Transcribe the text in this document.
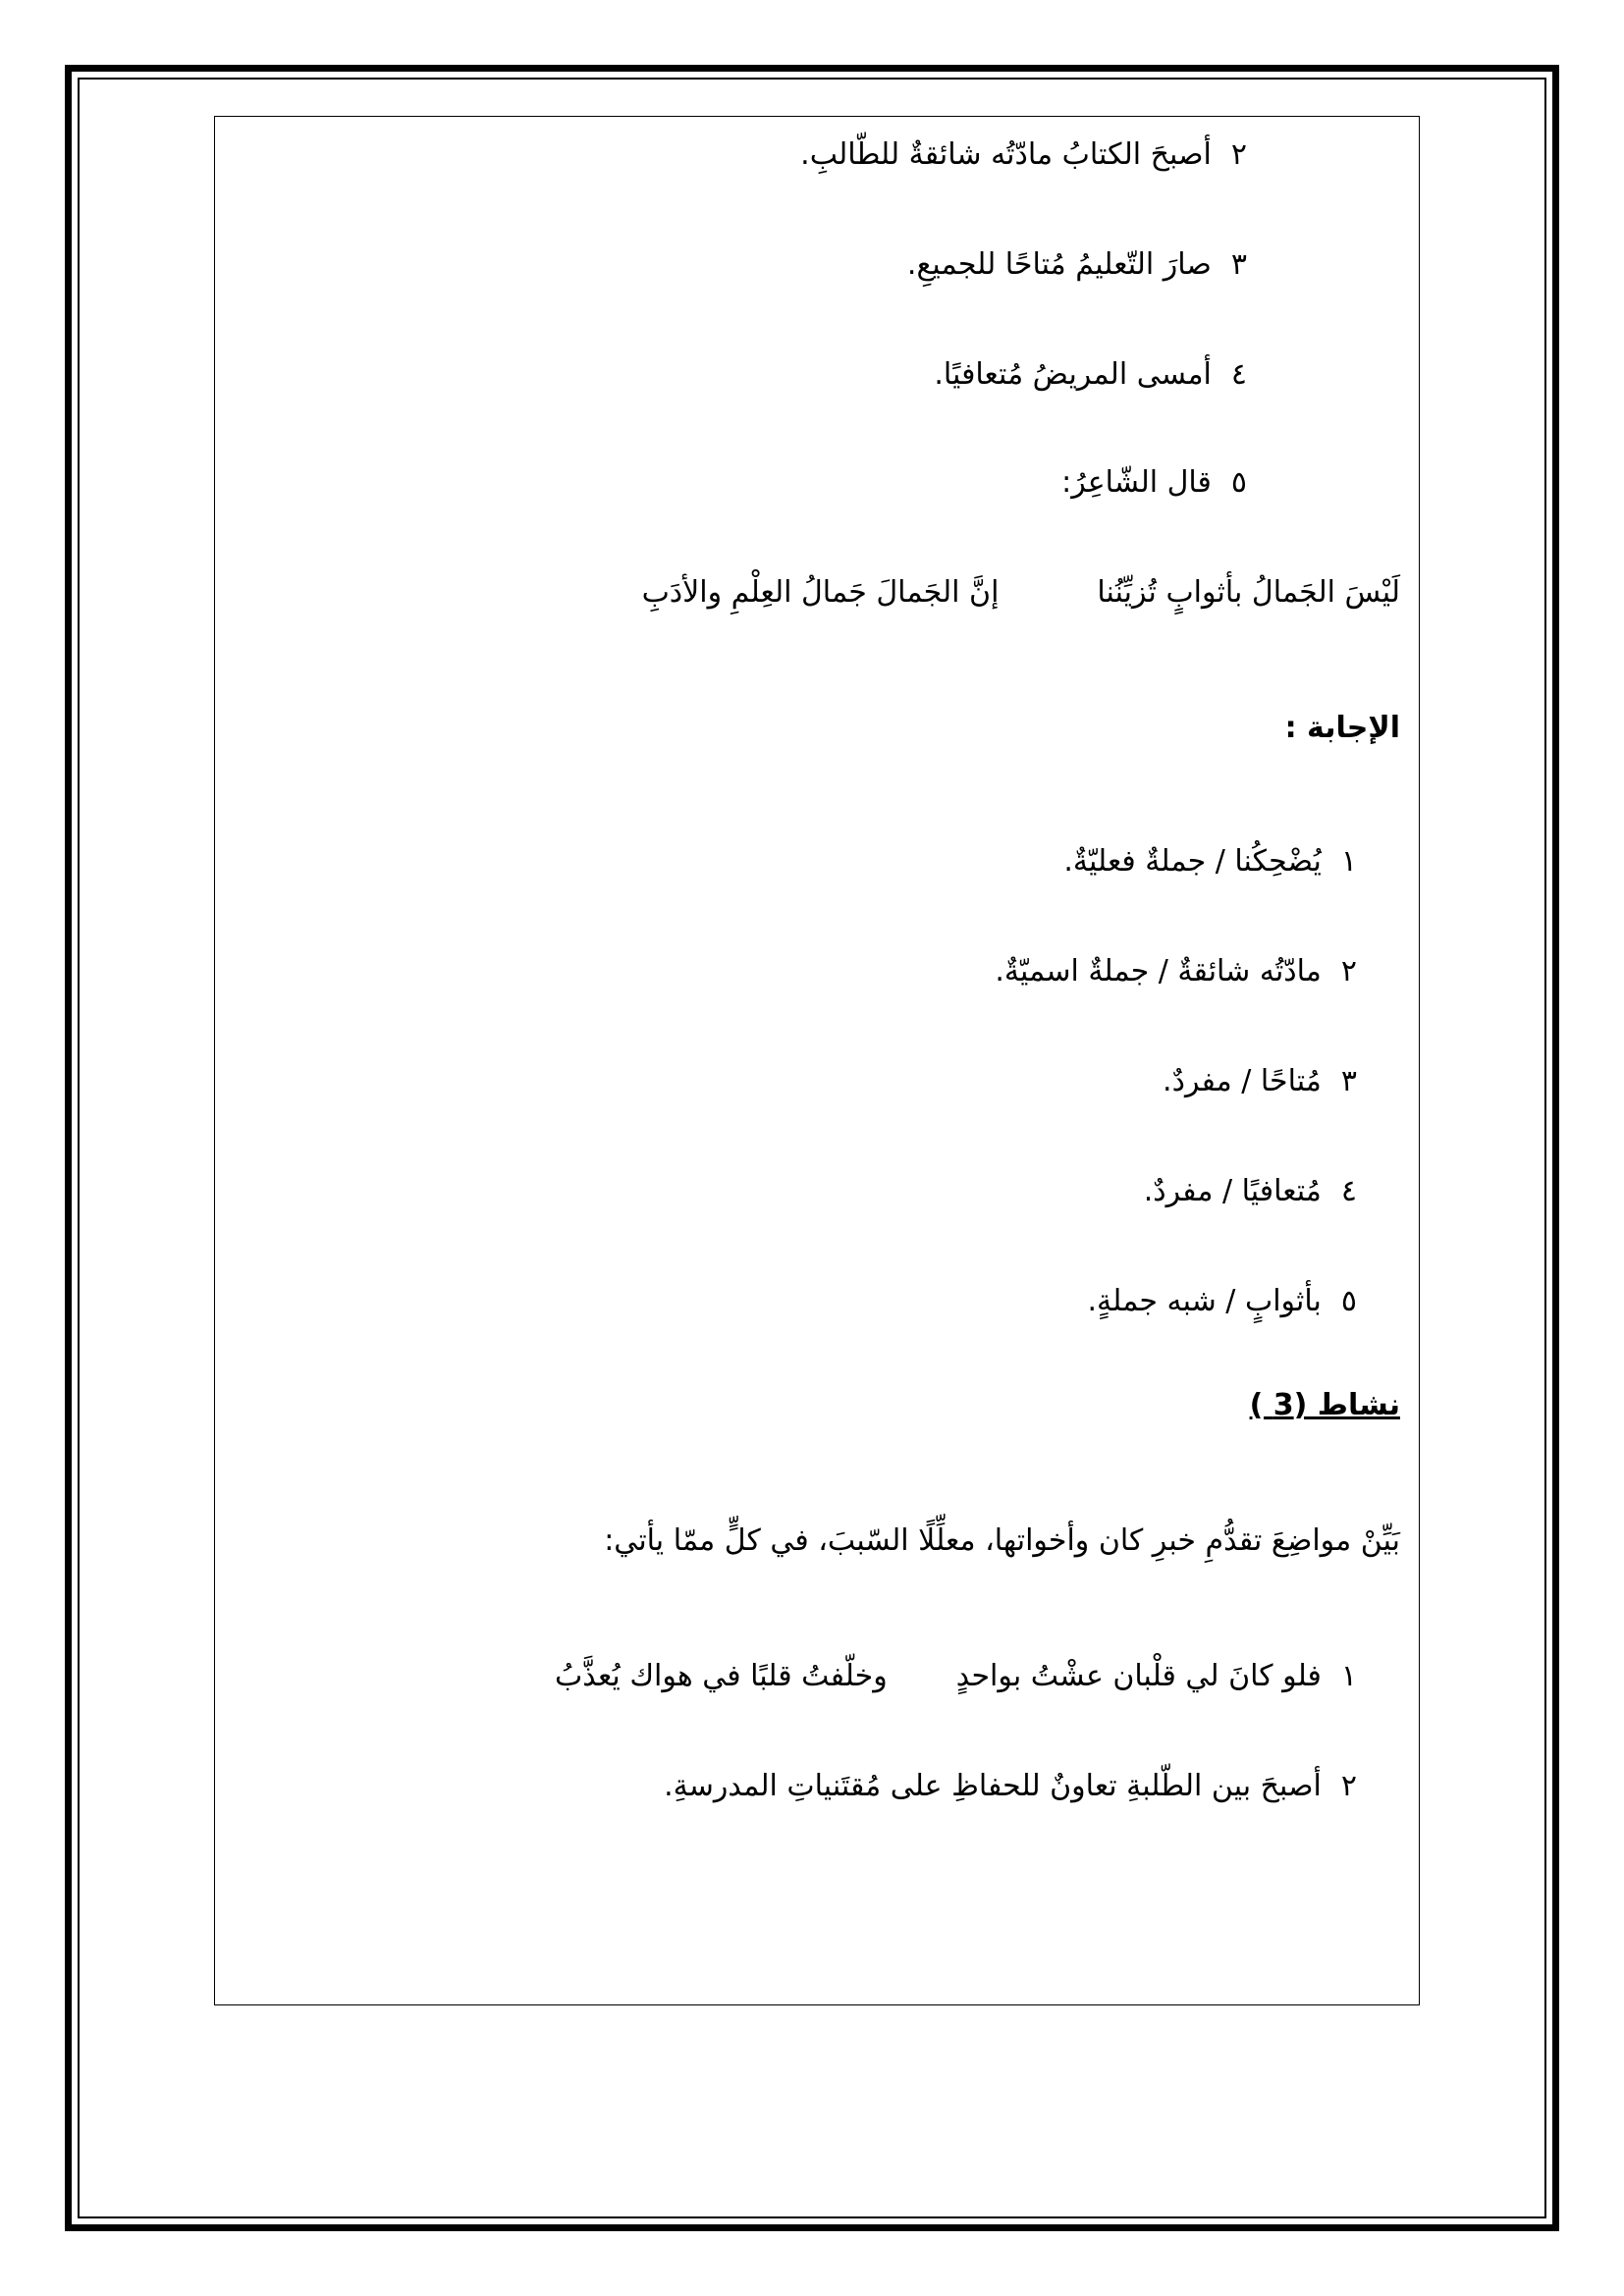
٢أصبحَ الكتابُ مادّتُه شائقةٌ للطّالبِ.
٣صارَ التّعليمُ مُتاحًا للجميعِ.
٤أمسى المريضُ مُتعافيًا.
٥قال الشّاعِرُ:
لَيْسَ الجَمالُ بأثوابٍ تُزيِّنُناإنَّ الجَمالَ جَمالُ العِلْمِ والأدَبِ
الإجابة :
١يُضْحِكُنا / جملةٌ فعليّةٌ.
٢مادّتُه شائقةٌ / جملةٌ اسميّةٌ.
٣مُتاحًا / مفردٌ.
٤مُتعافيًا / مفردٌ.
٥بأثوابٍ / شبه جملةٍ.
نشاط (3 )
بَيِّنْ مواضِعَ تقدُّمِ خبرِ كان وأخواتها، معلِّلًا السّببَ، في كلٍّ ممّا يأتي:
١فلو كانَ لي قلْبان عشْتُ بواحدٍوخلّفتُ قلبًا في هواك يُعذَّبُ
٢أصبحَ بين الطّلبةِ تعاونٌ للحفاظِ على مُقتَنياتِ المدرسةِ.
